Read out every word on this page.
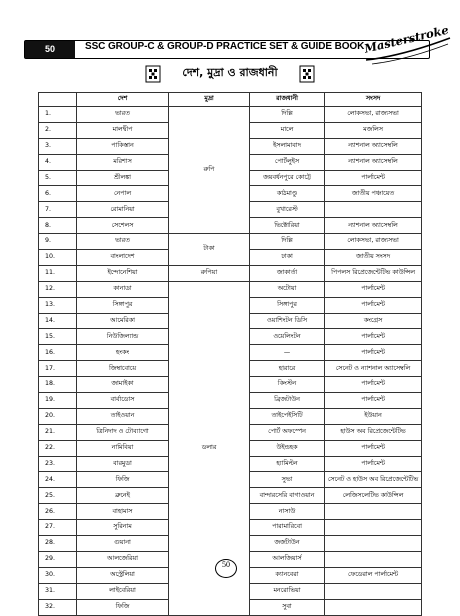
50	SSC GROUP-C & GROUP-D PRACTICE SET & GUIDE BOOK
Masterstroke
দেশ, মুদ্রা ও রাজধানী
	দেশ	মুদ্রা	রাজধানী	সংসদ
1.	ভারত	রুপি	দিল্লি	লোকসভা, রাজ্যসভা
2.	মালদ্বীপ		মালে	মজলিস
3.	পাকিস্তান		ইসলামাবাদ	ন্যাশনাল অ্যাসেম্বলি
4.	মরিশাস		পোর্টলুইস	ন্যাশনাল অ্যাসেম্বলি
5.	শ্রীলঙ্কা		জয়বর্ধনপুরে কোট্টে	পার্লামেন্ট
6.	নেপাল		কাঠমাণ্ডু	জাতীয় পঞ্চায়েত
7.	রোমানিয়া		বুখারেস্ট	
8.	সেশেলস		ভিক্টোরিয়া	ন্যাশনাল অ্যাসেম্বলি
9.	ভারত	টাকা	দিল্লি	লোকসভা, রাজ্যসভা
10.	বাংলাদেশ		ঢাকা	জাতীয় সংসদ
11.	ইন্দোনেশিয়া	রুপিয়া	জাকার্তা	পিপলস রিপ্রেজেন্টেটিভ কাউন্সিল
12.	কানাডা	ডলার	অটোয়া	পার্লামেন্ট
13.	সিঙ্গাপুর		সিঙ্গাপুর	পার্লামেন্ট
14.	আমেরিকা		ওয়াশিংটন ডিসি	কংগ্রেস
15.	নিউজিল্যান্ড		ওয়েলিংটন	পার্লামেন্ট
16.	হংকং		—	পার্লামেন্ট
17.	জিম্বাবোয়ে		হারারে	সেনেট ও ন্যাশনাল অ্যাসেম্বলি
18.	জামাইকা		কিংস্টন	পার্লামেন্ট
19.	বার্বাডোস		ব্রিজটাউন	পার্লামেন্ট
20.	তাইওয়ান		তাইপেইসিটি	ইউয়ান
21.	ত্রিনিদাদ ও টোব্যাগো		পোর্ট অফস্পেন	হাউস অব রিপ্রেজেন্টেটিভ
22.	নামিবিয়া		উইন্ডহক	পার্লামেন্ট
23.	বারমুডা		হ্যামিল্টন	পার্লামেন্ট
24.	ফিজি		সুভা	সেনেট ও হাউস অব রিপ্রেজেন্টেটিভ
25.	ব্রুনেই		বান্দারসেরি বাগাওয়ান	লেজিসলেটিভ কাউন্সিল
26.	বাহামাস		নাসাউ	
27.	সুরিনাম		পারামারিবো	
28.	গুয়ানা		জর্জটাউন	
29.	আলজেরিয়া		আলজিয়ার্স	
30.	অস্ট্রেলিয়া		ক্যানবেরা	ফেডেরাল পার্লামেন্ট
31.	লাইবেরিয়া		মনরোভিয়া	
32.	ফিজি		সুবা	
50
